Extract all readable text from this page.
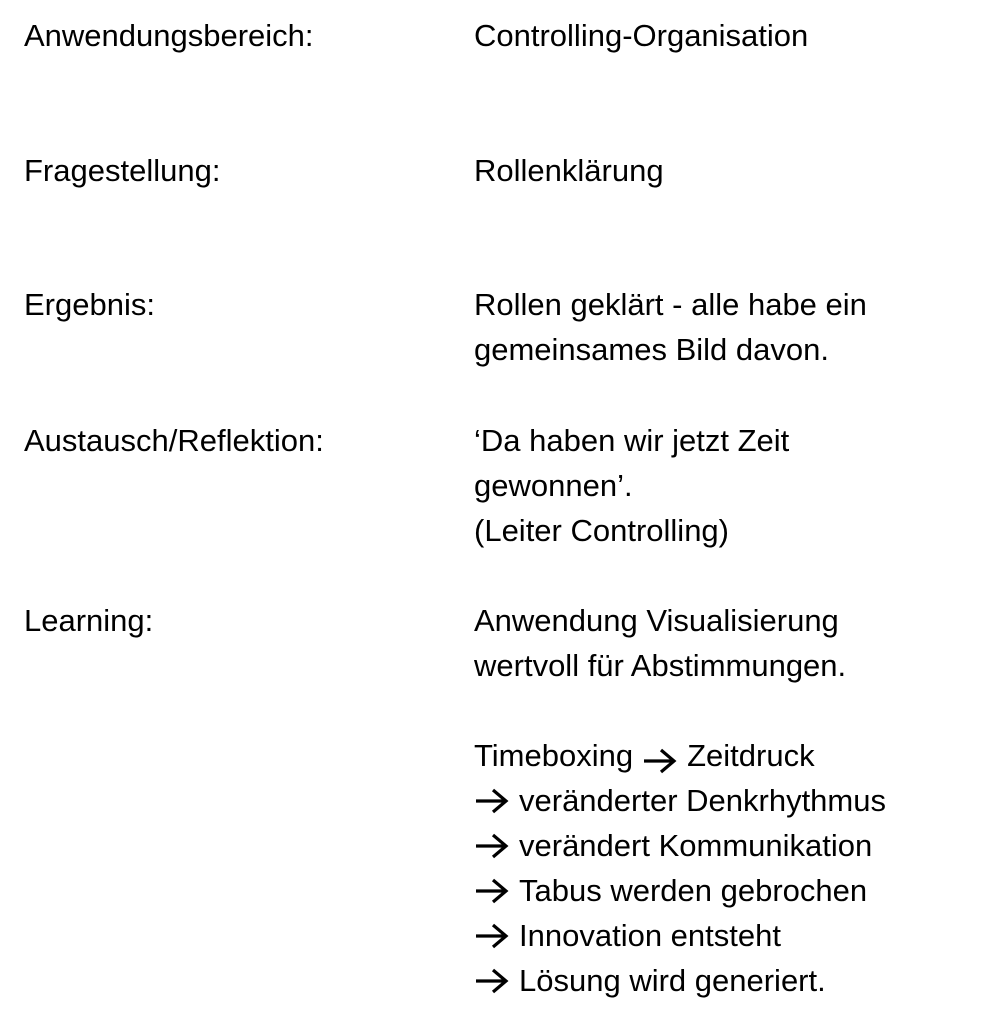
Anwendungsbereich:	Controlling-Organisation
Fragestellung:	Rollenklärung
Ergebnis:	Rollen geklärt - alle habe ein
gemeinsames Bild davon.
Austausch/Reflektion:	‘Da haben wir jetzt Zeit
gewonnen’.
(Leiter Controlling)
Learning:	Anwendung Visualisierung
wertvoll für Abstimmungen.
Timeboxing Zeitdruck
veränderter Denkrhythmus
verändert Kommunikation
Tabus werden gebrochen
Innovation entsteht
Lösung wird generiert.
